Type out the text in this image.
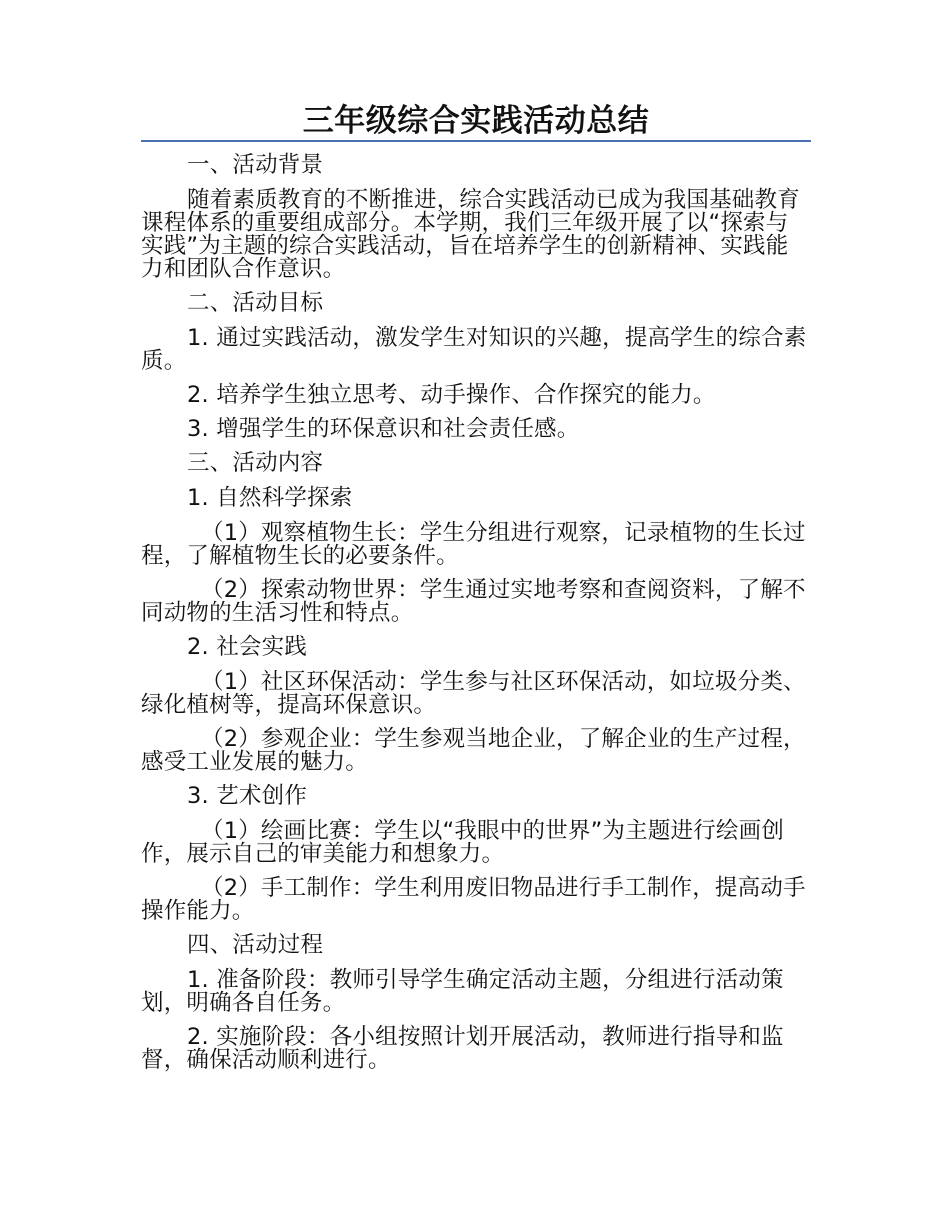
三年级综合实践活动总结

一、活动背景

随着素质教育的不断推进，综合实践活动已成为我国基础教育课程体系的重要组成部分。本学期，我们三年级开展了以“探索与实践”为主题的综合实践活动，旨在培养学生的创新精神、实践能力和团队合作意识。

二、活动目标

1. 通过实践活动，激发学生对知识的兴趣，提高学生的综合素质。

2. 培养学生独立思考、动手操作、合作探究的能力。

3. 增强学生的环保意识和社会责任感。

三、活动内容

1. 自然科学探索

（1）观察植物生长：学生分组进行观察，记录植物的生长过程，了解植物生长的必要条件。

（2）探索动物世界：学生通过实地考察和查阅资料，了解不同动物的生活习性和特点。

2. 社会实践

（1）社区环保活动：学生参与社区环保活动，如垃圾分类、绿化植树等，提高环保意识。

（2）参观企业：学生参观当地企业，了解企业的生产过程，感受工业发展的魅力。

3. 艺术创作

（1）绘画比赛：学生以“我眼中的世界”为主题进行绘画创作，展示自己的审美能力和想象力。

（2）手工制作：学生利用废旧物品进行手工制作，提高动手操作能力。

四、活动过程

1. 准备阶段：教师引导学生确定活动主题，分组进行活动策划，明确各自任务。

2. 实施阶段：各小组按照计划开展活动，教师进行指导和监督，确保活动顺利进行。
